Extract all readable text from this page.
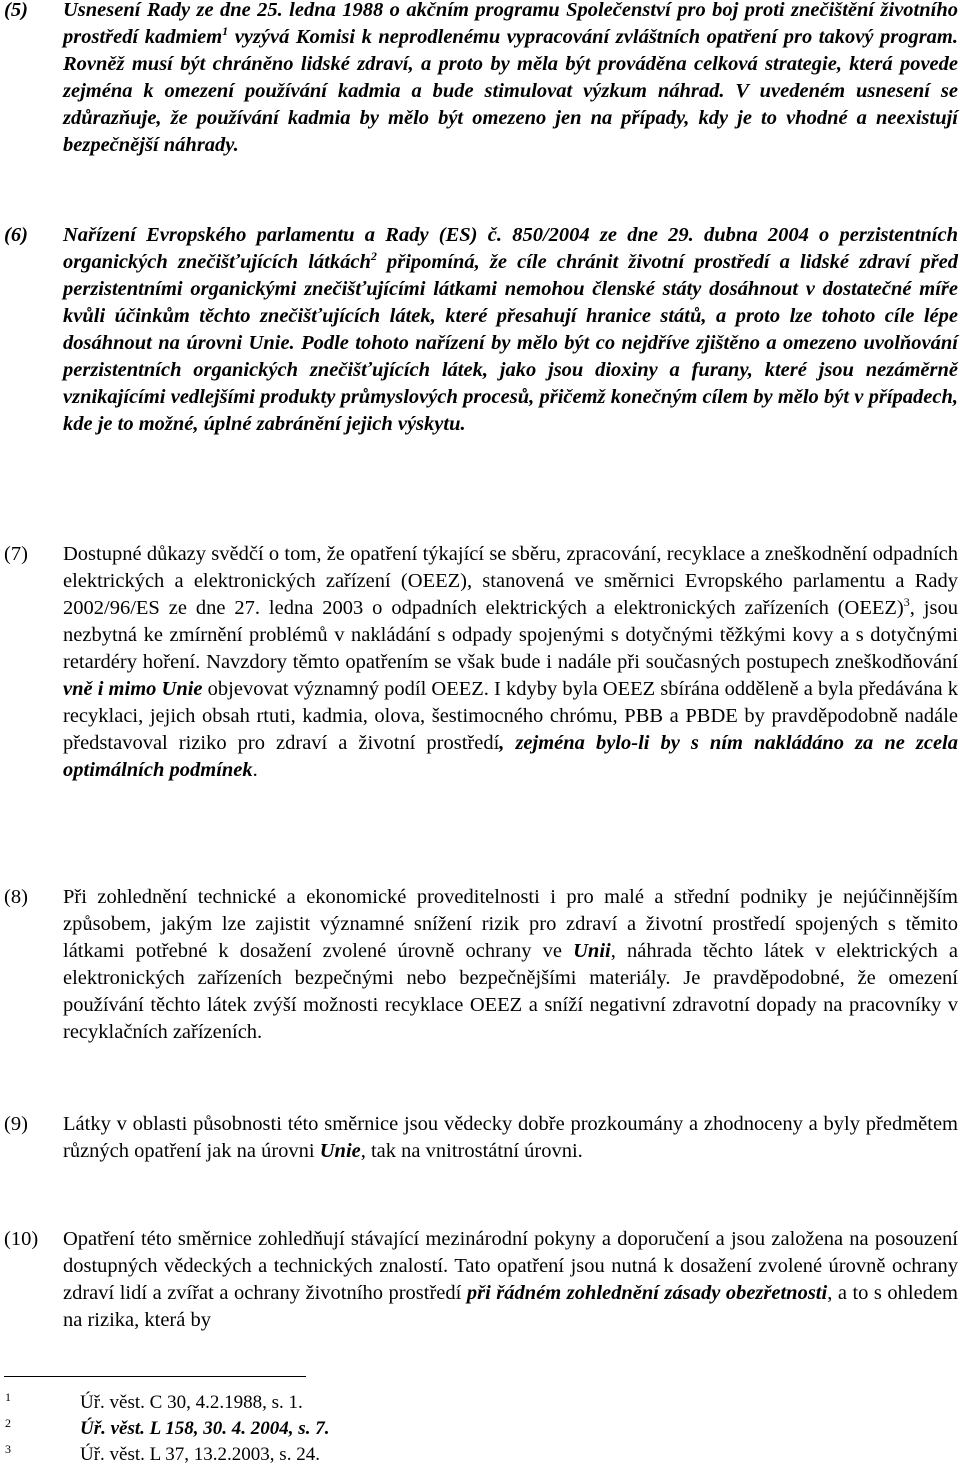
(5) Usnesení Rady ze dne 25. ledna 1988 o akčním programu Společenství pro boj proti znečištění životního prostředí kadmiem$^1$ vyzývá Komisi k neprodlenému vypracování zvláštních opatření pro takový program. Rovněž musí být chráněno lidské zdraví, a proto by měla být prováděna celková strategie, která povede zejména k omezení používání kadmia a bude stimulovat výzkum náhrad. V uvedeném usnesení se zdůrazňuje, že používání kadmia by mělo být omezeno jen na případy, kdy je to vhodné a neexistují bezpečnější náhrady.
(6) Nařízení Evropského parlamentu a Rady (ES) č. 850/2004 ze dne 29. dubna 2004 o perzistentních organických znečišťujících látkách$^2$ připomíná, že cíle chránit životní prostředí a lidské zdraví před perzistentními organickými znečišťujícími látkami nemohou členské státy dosáhnout v dostatečné míře kvůli účinkům těchto znečišťujících látek, které přesahují hranice států, a proto lze tohoto cíle lépe dosáhnout na úrovni Unie. Podle tohoto nařízení by mělo být co nejdříve zjištěno a omezeno uvolňování perzistentních organických znečišťujících látek, jako jsou dioxiny a furany, které jsou nezáměrně vznikajícími vedlejšími produkty průmyslových procesů, přičemž konečným cílem by mělo být v případech, kde je to možné, úplné zabránění jejich výskytu.
(7) Dostupné důkazy svědčí o tom, že opatření týkající se sběru, zpracování, recyklace a zneškodnění odpadních elektrických a elektronických zařízení (OEEZ), stanovená ve směrnici Evropského parlamentu a Rady 2002/96/ES ze dne 27. ledna 2003 o odpadních elektrických a elektronických zařízeních (OEEZ)$^3$, jsou nezbytná ke zmírnění problémů v nakládání s odpady spojenými s dotyčnými těžkými kovy a s dotyčnými retardéry hoření. Navzdory těmto opatřením se však bude i nadále při současných postupech zneškodňování vně i mimo Unie objevovat významný podíl OEEZ. I kdyby byla OEEZ sbírána odděleně a byla předávána k recyklaci, jejich obsah rtuti, kadmia, olova, šestimocného chrómu, PBB a PBDE by pravděpodobně nadále představoval riziko pro zdraví a životní prostředí, zejména bylo-li by s ním nakládáno za ne zcela optimálních podmínek.
(8) Při zohlednění technické a ekonomické proveditelnosti i pro malé a střední podniky je nejúčinnějším způsobem, jakým lze zajistit významné snížení rizik pro zdraví a životní prostředí spojených s těmito látkami potřebné k dosažení zvolené úrovně ochrany ve Unii, náhrada těchto látek v elektrických a elektronických zařízeních bezpečnými nebo bezpečnějšími materiály. Je pravděpodobné, že omezení používání těchto látek zvýší možnosti recyklace OEEZ a sníží negativní zdravotní dopady na pracovníky v recyklačních zařízeních.
(9) Látky v oblasti působnosti této směrnice jsou vědecky dobře prozkoumány a zhodnoceny a byly předmětem různých opatření jak na úrovni Unie, tak na vnitrostátní úrovni.
(10) Opatření této směrnice zohledňují stávající mezinárodní pokyny a doporučení a jsou založena na posouzení dostupných vědeckých a technických znalostí. Tato opatření jsou nutná k dosažení zvolené úrovně ochrany zdraví lidí a zvířat a ochrany životního prostředí při řádném zohlednění zásady obezřetnosti, a to s ohledem na rizika, která by
1	Úř. věst. C 30, 4.2.1988, s. 1.
2	Úř. věst. L 158, 30. 4. 2004, s. 7.
3	Úř. věst. L 37, 13.2.2003, s. 24.
